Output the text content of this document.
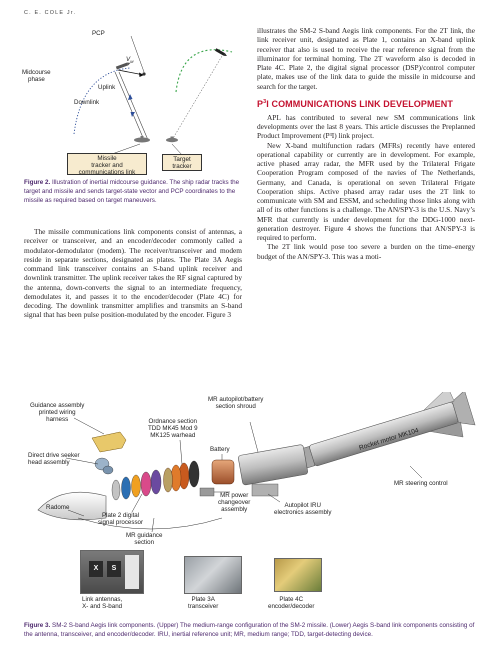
C. E. COLE Jr.
PCP
$V_M$
Midcourse
phase
Uplink
Downlink
Missile
tracker and
communications link
Target
tracker

Figure 2. Illustration of inertial midcourse guidance. The ship radar tracks the target and missile and sends target-state vector and PCP coordinates to the missile as required based on target maneuvers.

The missile communications link components consist of antennas, a receiver or transceiver, and an encoder/decoder commonly called a modulator-demodulator (modem). The receiver/transceiver and modem reside in separate sections, designated as plates. The Plate 3A Aegis command link transceiver contains an S-band uplink receiver and downlink transmitter. The uplink receiver takes the RF signal captured by the antenna, down-converts the signal to an intermediate frequency, demodulates it, and passes it to the encoder/decoder (Plate 4C) for decoding. The downlink transmitter amplifies and transmits an S-band signal that has been pulse position-modulated by the encoder. Figure 3

illustrates the SM-2 S-band Aegis link components. For the 2T link, the link receiver unit, designated as Plate 1, contains an X-band uplink receiver that also is used to receive the rear reference signal from the illuminator for terminal homing. The 2T waveform also is decoded in Plate 4C. Plate 2, the digital signal processor (DSP)/control computer plate, makes use of the link data to guide the missile in midcourse and search for the target.

$P^3I$ COMMUNICATIONS LINK DEVELOPMENT

APL has contributed to several new SM communications link developments over the last 8 years. This article discusses the Preplanned Product Improvement (P³I) link project.

New X-band multifunction radars (MFRs) recently have entered operational capability or currently are in development. For example, active phased array radar, the MFR used by the Trilateral Frigate Cooperation Program composed of the navies of The Netherlands, Germany, and Canada, is operational on seven Trilateral Frigate Cooperation ships. Active phased array radar uses the 2T link to communicate with SM and ESSM, and scheduling those links along with all of its other functions is a challenge. The AN/SPY-3 is the U.S. Navy’s MFR that currently is under development for the DDG-1000 next-generation destroyer. Figure 4 shows the functions that AN/SPY-3 is required to perform.

The 2T link would pose too severe a burden on the time–energy budget of the AN/SPY-3. This was a moti-

MR autopilot/battery
section shroud
Guidance assembly
printed wiring
harness	Ordnance section
TDD MK45 Mod 9
MK125 warhead
Battery	Rocket motor MK104
MR steering control
Direct drive seeker
head assembly
MR power
changeover
assembly
Autopilot IRU
electronics assembly
Radome
Plate 2 digital
signal processor
MR guidance
section
X	S
Link antennas,
X- and S-band
Plate 3A
transceiver
Plate 4C
encoder/decoder

Figure 3. SM-2 S-band Aegis link components. (Upper) The medium-range configuration of the SM-2 missile. (Lower) Aegis S-band link components consisting of the antenna, transceiver, and encoder/decoder. IRU, inertial reference unit; MR, medium range; TDD, target-detecting device.
